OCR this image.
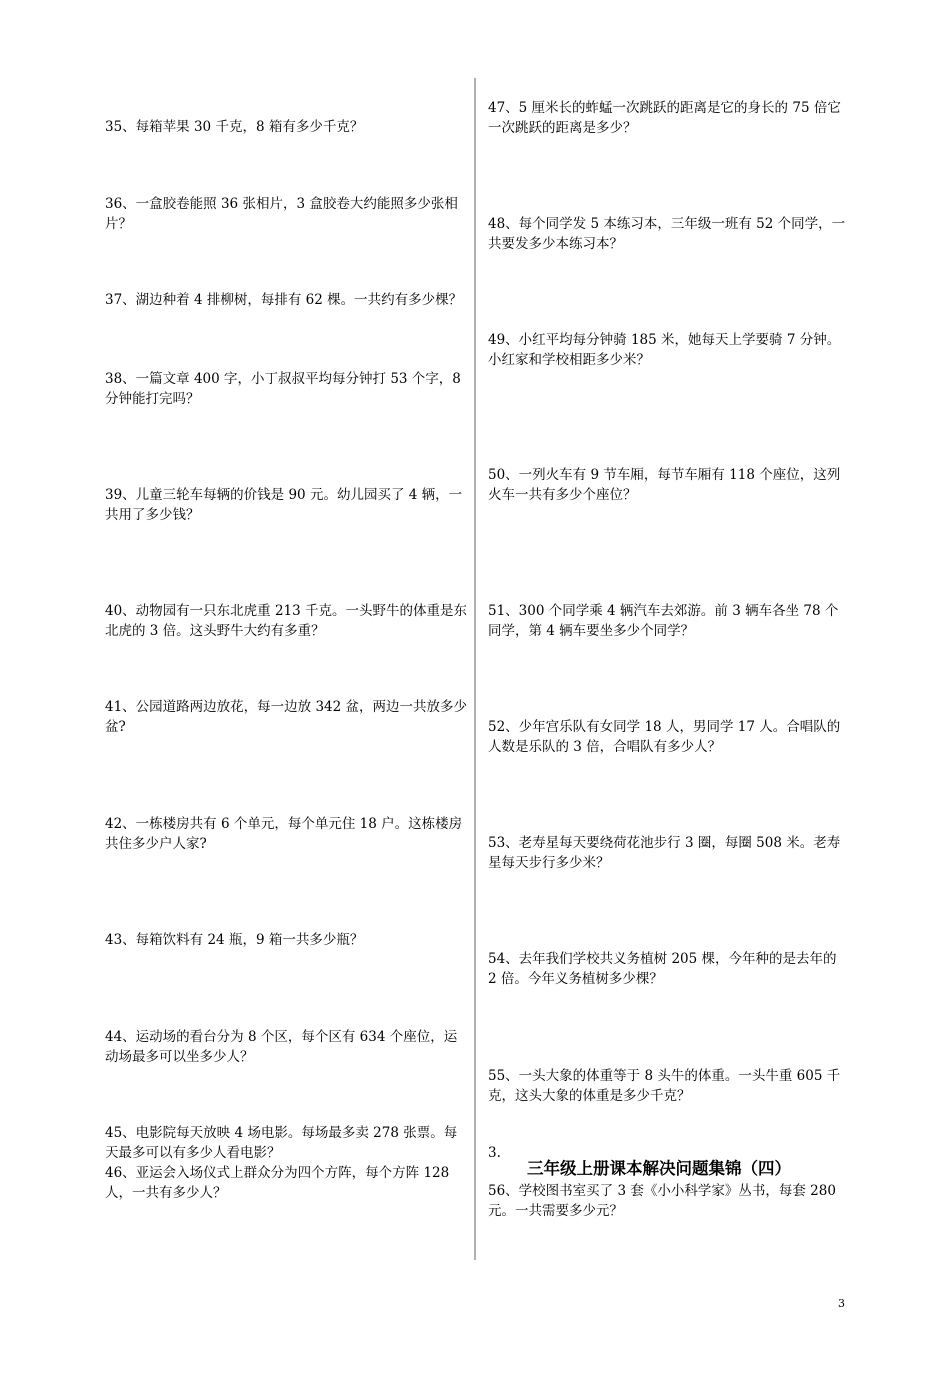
35、每箱苹果 30 千克，8 箱有多少千克？

36、一盒胶卷能照 36 张相片，3 盒胶卷大约能照多少张相片？

37、湖边种着 4 排柳树，每排有 62 棵。一共约有多少棵？

38、一篇文章 400 字，小丁叔叔平均每分钟打 53 个字，8 分钟能打完吗？

39、儿童三轮车每辆的价钱是 90 元。幼儿园买了 4 辆，一共用了多少钱？

40、动物园有一只东北虎重 213 千克。一头野牛的体重是东北虎的 3 倍。这头野牛大约有多重？

41、公园道路两边放花，每一边放 342 盆，两边一共放多少盆?

42、一栋楼房共有 6 个单元，每个单元住 18 户。这栋楼房共住多少户人家?

43、每箱饮料有 24 瓶，9 箱一共多少瓶？

44、运动场的看台分为 8 个区，每个区有 634 个座位，运动场最多可以坐多少人？

45、电影院每天放映 4 场电影。每场最多卖 278 张票。每天最多可以有多少人看电影？

46、亚运会入场仪式上群众分为四个方阵，每个方阵 128 人，一共有多少人？

47、5 厘米长的蚱蜢一次跳跃的距离是它的身长的 75 倍它一次跳跃的距离是多少？

48、每个同学发 5 本练习本，三年级一班有 52 个同学，一共要发多少本练习本？

49、小红平均每分钟骑 185 米，她每天上学要骑 7 分钟。小红家和学校相距多少米？

50、一列火车有 9 节车厢，每节车厢有 118 个座位，这列火车一共有多少个座位？

51、300 个同学乘 4 辆汽车去郊游。前 3 辆车各坐 78 个同学，第 4 辆车要坐多少个同学？

52、少年宫乐队有女同学 18 人，男同学 17 人。合唱队的人数是乐队的 3 倍，合唱队有多少人？

53、老寿星每天要绕荷花池步行 3 圈，每圈 508 米。老寿星每天步行多少米？

54、去年我们学校共义务植树 205 棵，今年种的是去年的 2 倍。今年义务植树多少棵？

55、一头大象的体重等于 8 头牛的体重。一头牛重 605 千克，这头大象的体重是多少千克？

3.

三年级上册课本解决问题集锦（四）

56、学校图书室买了 3 套《小小科学家》丛书，每套 280 元。一共需要多少元？

3
